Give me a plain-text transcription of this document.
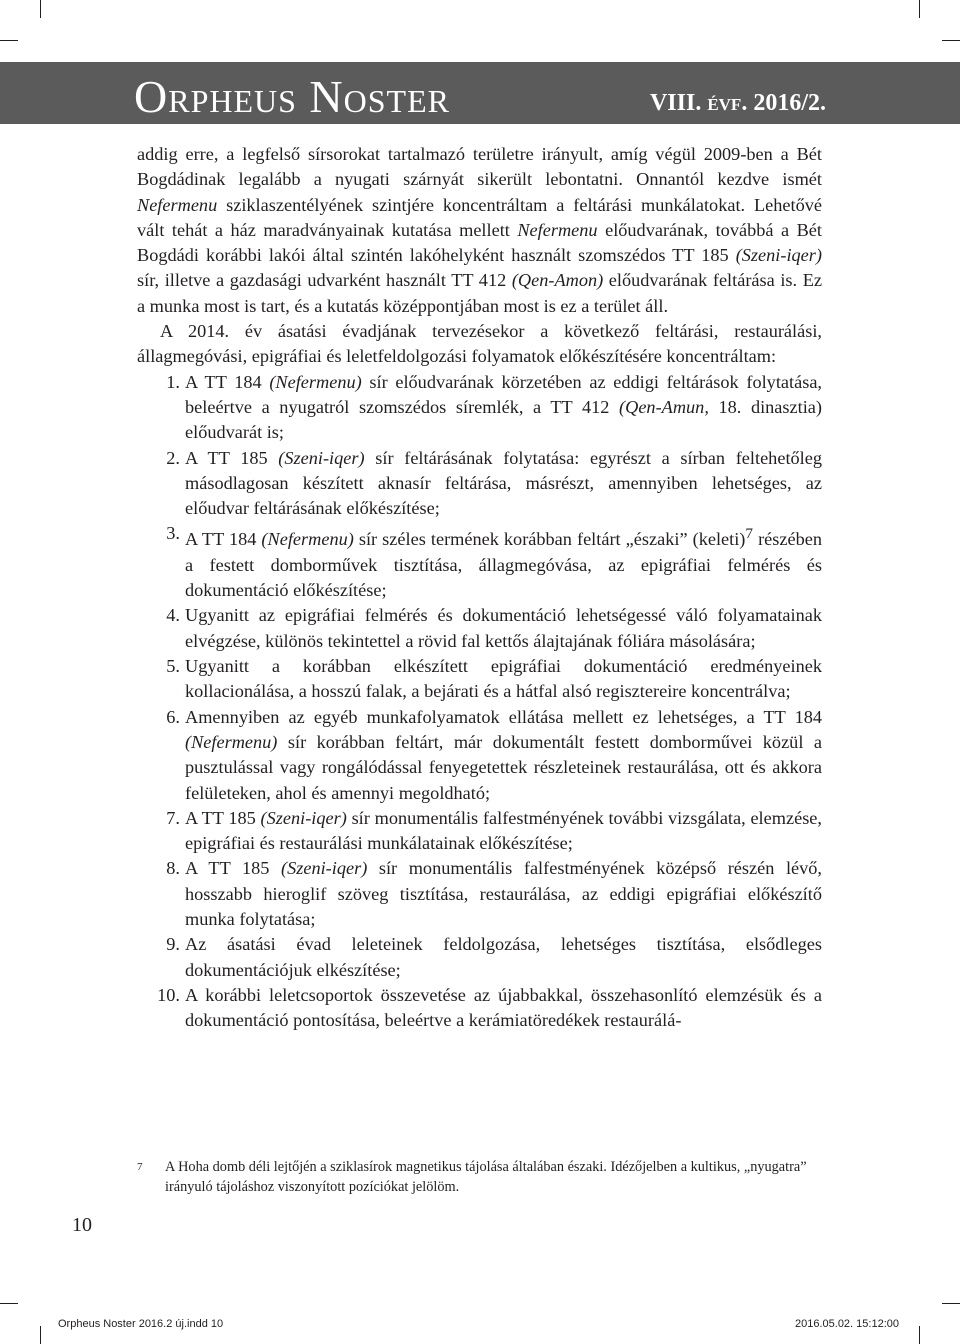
Orpheus Noster	VIII. évf. 2016/2.

addig erre, a legfelső sírsorokat tartalmazó területre irányult, amíg végül 2009-ben a Bét Bogdádinak legalább a nyugati szárnyát sikerült lebontatni. Onnantól kezdve ismét Nefermenu sziklaszentélyének szintjére koncentráltam a feltárási munkálatokat. Lehetővé vált tehát a ház maradványainak kutatása mellett Nefermenu előudvarának, továbbá a Bét Bogdádi korábbi lakói által szintén lakóhelyként használt szomszédos TT 185 (Szeni-iqer) sír, illetve a gazdasági udvarként használt TT 412 (Qen-Amon) előudvarának feltárása is. Ez a munka most is tart, és a kutatás középpontjában most is ez a terület áll.

A 2014. év ásatási évadjának tervezésekor a következő feltárási, restaurálási, állagmegóvási, epigráfiai és leletfeldolgozási folyamatok előkészítésére koncentráltam:

1. A TT 184 (Nefermenu) sír előudvarának körzetében az eddigi feltárások folytatása, beleértve a nyugatról szomszédos síremlék, a TT 412 (Qen-Amun, 18. dinasztia) előudvarát is;
2. A TT 185 (Szeni-iqer) sír feltárásának folytatása: egyrészt a sírban feltehetőleg másodlagosan készített aknasír feltárása, másrészt, amennyiben lehetséges, az előudvar feltárásának előkészítése;
3. A TT 184 (Nefermenu) sír széles termének korábban feltárt „északi” (keleti)$^7$ részében a festett domborművek tisztítása, állagmegóvása, az epigráfiai felmérés és dokumentáció előkészítése;
4. Ugyanitt az epigráfiai felmérés és dokumentáció lehetségessé váló folyamatainak elvégzése, különös tekintettel a rövid fal kettős álajtajának fóliára másolására;
5. Ugyanitt a korábban elkészített epigráfiai dokumentáció eredményeinek kollacionálása, a hosszú falak, a bejárati és a hátfal alsó regisztereire koncentrálva;
6. Amennyiben az egyéb munkafolyamatok ellátása mellett ez lehetséges, a TT 184 (Nefermenu) sír korábban feltárt, már dokumentált festett domborművei közül a pusztulással vagy rongálódással fenyegetettek részleteinek restaurálása, ott és akkora felületeken, ahol és amennyi megoldható;
7. A TT 185 (Szeni-iqer) sír monumentális falfestményének további vizsgálata, elemzése, epigráfiai és restaurálási munkálatainak előkészítése;
8. A TT 185 (Szeni-iqer) sír monumentális falfestményének középső részén lévő, hosszabb hieroglif szöveg tisztítása, restaurálása, az eddigi epigráfiai előkészítő munka folytatása;
9. Az ásatási évad leleteinek feldolgozása, lehetséges tisztítása, elsődleges dokumentációjuk elkészítése;
10. A korábbi leletcsoportok összevetése az újabbakkal, összehasonlító elemzésük és a dokumentáció pontosítása, beleértve a kerámiatöredékek restaurálá-
7 A Hoha domb déli lejtőjén a sziklasírok magnetikus tájolása általában északi. Idézőjelben a kultikus, „nyugatra” irányuló tájoláshoz viszonyított pozíciókat jelölöm.
10
Orpheus Noster 2016.2 új.indd 10	2016.05.02. 15:12:00
